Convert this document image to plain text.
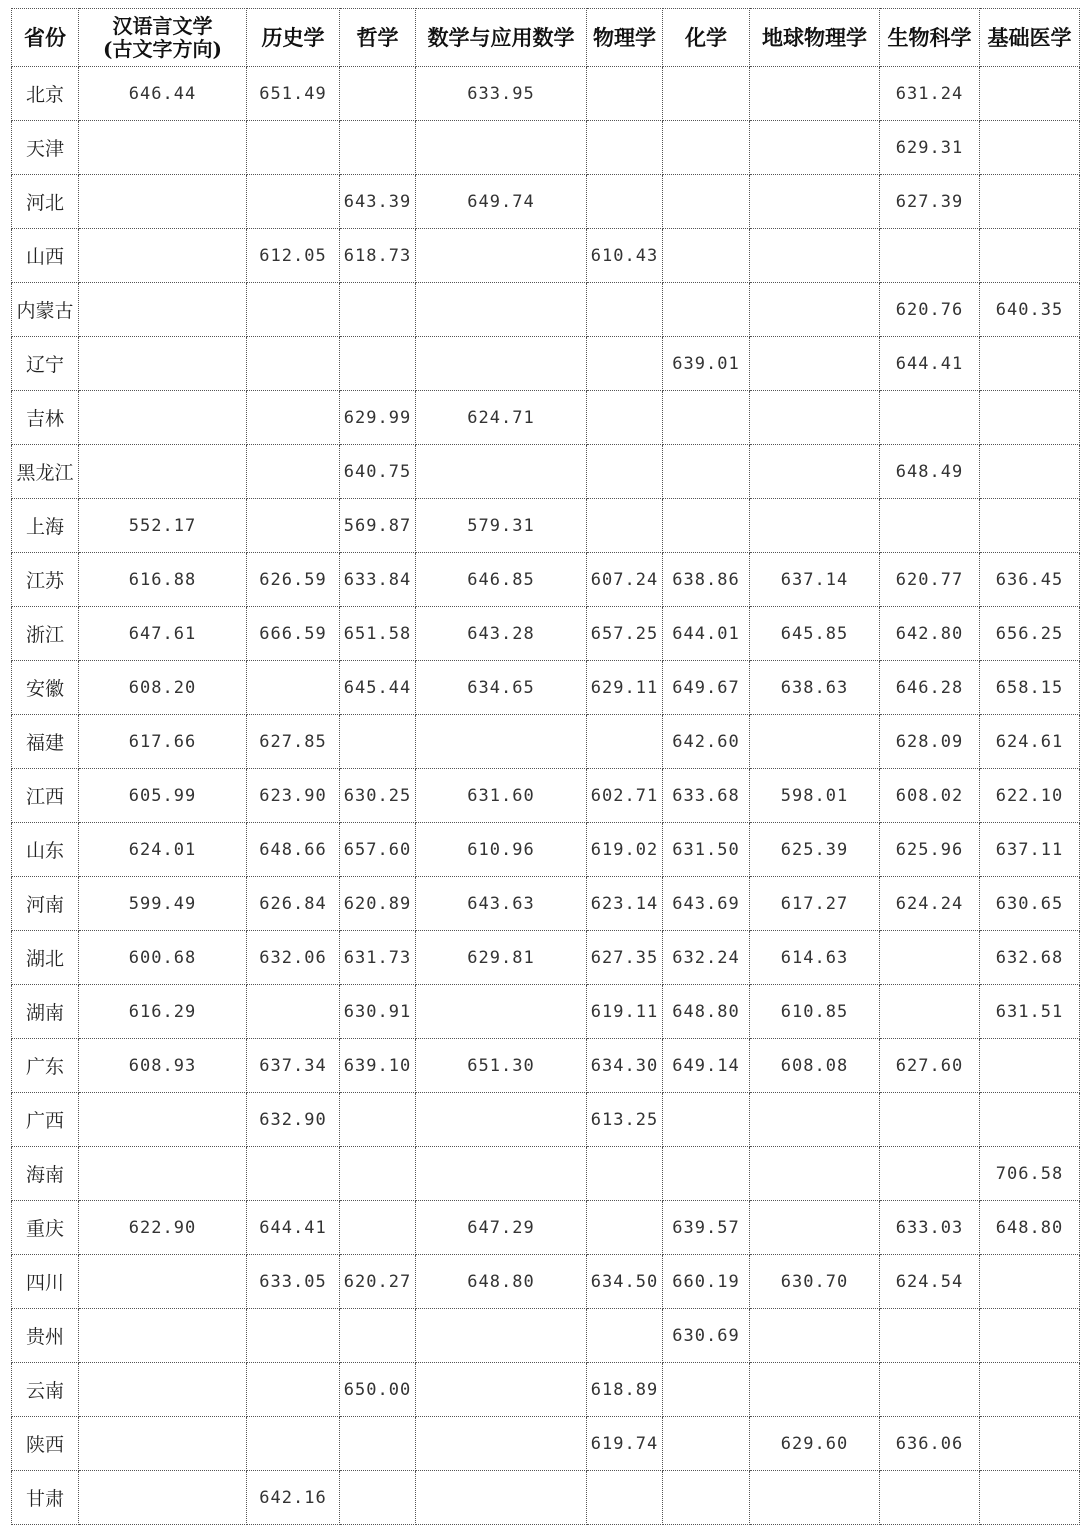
省份	汉语言文学
(古文字方向)	历史学	哲学	数学与应用数学	物理学	化学	地球物理学	生物科学	基础医学
北京	646.44	651.49		633.95				631.24	
天津								629.31	
河北			643.39	649.74				627.39	
山西		612.05	618.73		610.43				
内蒙古								620.76	640.35
辽宁						639.01		644.41	
吉林			629.99	624.71					
黑龙江			640.75					648.49	
上海	552.17		569.87	579.31					
江苏	616.88	626.59	633.84	646.85	607.24	638.86	637.14	620.77	636.45
浙江	647.61	666.59	651.58	643.28	657.25	644.01	645.85	642.80	656.25
安徽	608.20		645.44	634.65	629.11	649.67	638.63	646.28	658.15
福建	617.66	627.85				642.60		628.09	624.61
江西	605.99	623.90	630.25	631.60	602.71	633.68	598.01	608.02	622.10
山东	624.01	648.66	657.60	610.96	619.02	631.50	625.39	625.96	637.11
河南	599.49	626.84	620.89	643.63	623.14	643.69	617.27	624.24	630.65
湖北	600.68	632.06	631.73	629.81	627.35	632.24	614.63		632.68
湖南	616.29		630.91		619.11	648.80	610.85		631.51
广东	608.93	637.34	639.10	651.30	634.30	649.14	608.08	627.60	
广西		632.90			613.25				
海南									706.58
重庆	622.90	644.41		647.29		639.57		633.03	648.80
四川		633.05	620.27	648.80	634.50	660.19	630.70	624.54	
贵州						630.69			
云南			650.00		618.89				
陕西					619.74		629.60	636.06	
甘肃		642.16							
